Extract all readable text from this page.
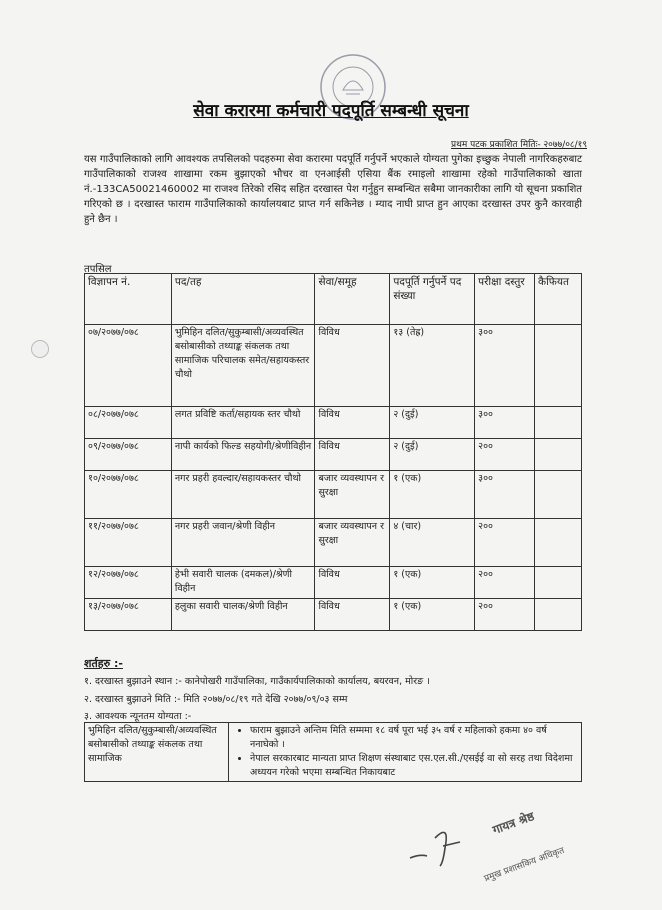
सेवा करारमा कर्मचारी पदपूर्ति सम्बन्धी सूचना
प्रथम पटक प्रकाशित मितिः- २०७७/०८/१९
यस गाउँपालिकाको लागि आवश्यक तपसिलको पदहरुमा सेवा करारमा पदपूर्ति गर्नुपर्ने भएकाले योग्यता पुगेका इच्छुक नेपाली नागरिकहरुबाट गाउँपालिकाको राजश्व शाखामा रकम बुझाएको भौचर वा एनआईसी एसिया बैंक रमाइलो शाखामा रहेको गाउँपालिकाको खाता नं.-133CA50021460002 मा राजश्व तिरेको रसिद सहित दरखास्त पेश गर्नुहुन सम्बन्धित सबैमा जानकारीका लागि यो सूचना प्रकाशित गरिएको छ । दरखास्त फाराम गाउँपालिकाको कार्यालयबाट प्राप्त गर्न सकिनेछ । म्याद नाघी प्राप्त हुन आएका दरखास्त उपर कुनै कारवाही हुने छैन ।
तपसिल
विज्ञापन नं.	पद/तह	सेवा/समूह	पदपूर्ति गर्नुपर्ने पद संख्या	परीक्षा दस्तुर	कैफियत
०७/२०७७/०७८	भुमिहिन दलित/सुकुम्बासी/अव्यवस्थित बसोबासीको तथ्याङ्क संकलक तथा सामाजिक परिचालक समेत/सहायकस्तर चौथो	विविध	१३ (तेह्र)	३००	
०८/२०७७/०७८	लगत प्रविष्टि कर्ता/सहायक स्तर चौथो	विविध	२ (दुई)	३००	
०९/२०७७/०७८	नापी कार्यको फिल्ड सहयोगी/श्रेणीविहीन	विविध	२ (दुई)	२००	
१०/२०७७/०७८	नगर प्रहरी हवल्दार/सहायकस्तर चौथो	बजार व्यवस्थापन र सुरक्षा	१ (एक)	३००	
११/२०७७/०७८	नगर प्रहरी जवान/श्रेणी विहीन	बजार व्यवस्थापन र सुरक्षा	४ (चार)	२००	
१२/२०७७/०७८	हेभी सवारी चालक (दमकल)/श्रेणी विहीन	विविध	१ (एक)	२००	
१३/२०७७/०७८	हलुका सवारी चालक/श्रेणी विहीन	विविध	१ (एक)	२००	
शर्तहरु :-
१. दरखास्त बुझाउने स्थान :- कानेपोखरी गाउँपालिका, गाउँकार्यपालिकाको कार्यालय, बयरवन, मोरङ ।
२. दरखास्त बुझाउने मिति :- मिति २०७७/०८/१९ गते देखि २०७७/०९/०३ सम्म
३. आवश्यक न्यूनतम योग्यता :-
भुमिहिन दलित/सुकुम्बासी/अव्यवस्थित बसोबासीको तथ्याङ्क संकलक तथा सामाजिक	
• फाराम बुझाउने अन्तिम मिति सम्ममा १८ वर्ष पूरा भई ३५ वर्ष र महिलाको हकमा ४० वर्ष ननाघेको ।
• नेपाल सरकारबाट मान्यता प्राप्त शिक्षण संस्थाबाट एस.एल.सी./एसईई वा सो सरह तथा विदेशमा अध्ययन गरेको भएमा सम्बन्धित निकायबाट
गायत्र श्रेष्ठ
प्रमुख प्रशासकिय अधिकृत
